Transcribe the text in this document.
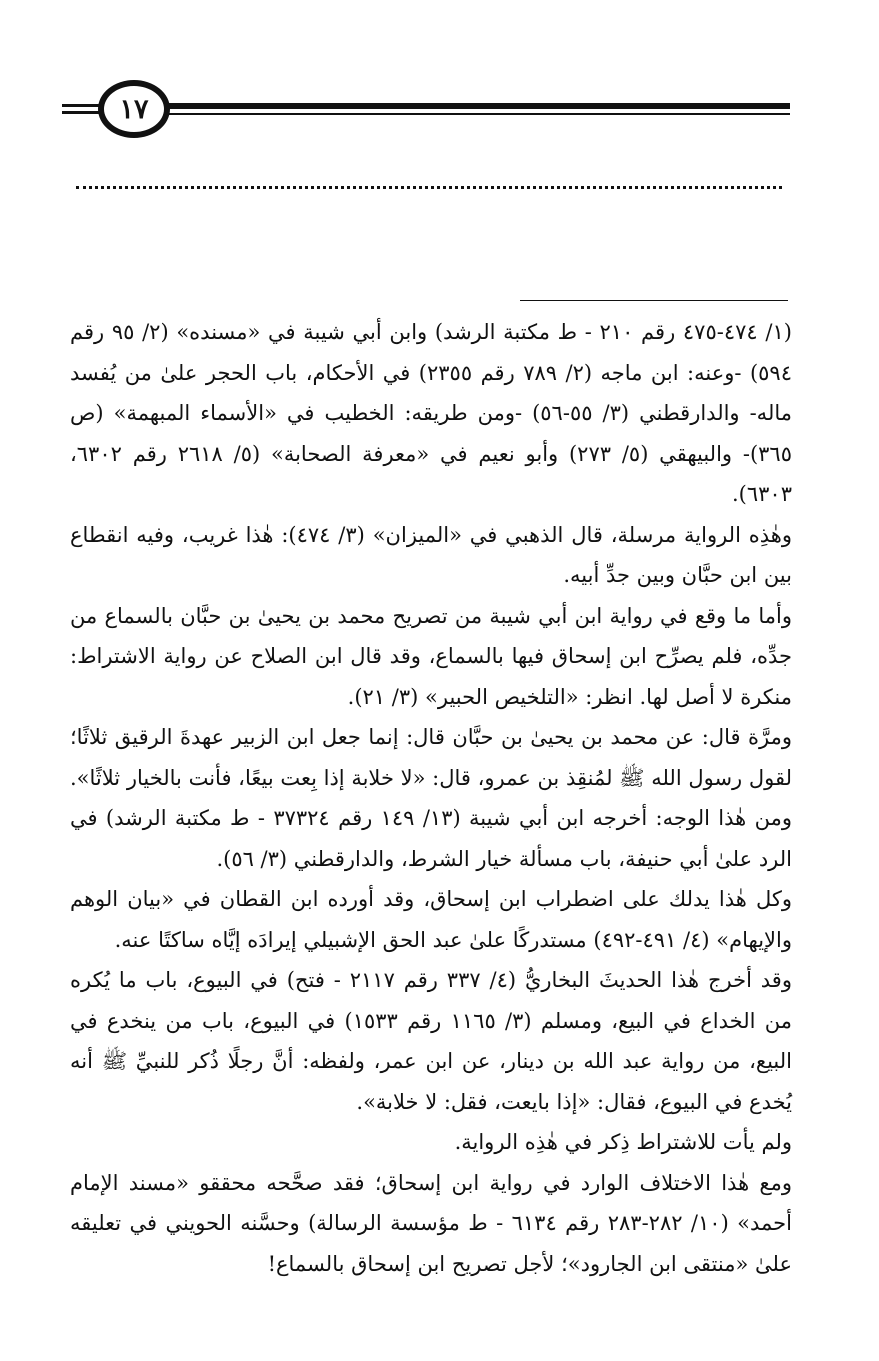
١٧

(١/ ٤٧٤-٤٧٥ رقم ٢١٠ - ط مكتبة الرشد) وابن أبي شيبة في «مسنده» (٢/ ٩٥ رقم ٥٩٤) -وعنه: ابن ماجه (٢/ ٧٨٩ رقم ٢٣٥٥) في الأحكام، باب الحجر علىٰ من يُفسد ماله- والدارقطني (٣/ ٥٥-٥٦) -ومن طريقه: الخطيب في «الأسماء المبهمة» (ص ٣٦٥)- والبيهقي (٥/ ٢٧٣) وأبو نعيم في «معرفة الصحابة» (٥/ ٢٦١٨ رقم ٦٣٠٢، ٦٣٠٣).

وهٰذِه الرواية مرسلة، قال الذهبي في «الميزان» (٣/ ٤٧٤): هٰذا غريب، وفيه انقطاع بين ابن حبَّان وبين جدِّ أبيه.

وأما ما وقع في رواية ابن أبي شيبة من تصريح محمد بن يحيىٰ بن حبَّان بالسماع من جدِّه، فلم يصرِّح ابن إسحاق فيها بالسماع، وقد قال ابن الصلاح عن رواية الاشتراط: منكرة لا أصل لها. انظر: «التلخيص الحبير» (٣/ ٢١).

ومرَّة قال: عن محمد بن يحيىٰ بن حبَّان قال: إنما جعل ابن الزبير عهدةَ الرقيق ثلاثًا؛ لقول رسول الله ﷺ لمُنقِذ بن عمرو، قال: «لا خلابة إذا بِعت بيعًا، فأنت بالخيار ثلاثًا». ومن هٰذا الوجه: أخرجه ابن أبي شيبة (١٣/ ١٤٩ رقم ٣٧٣٢٤ - ط مكتبة الرشد) في الرد علىٰ أبي حنيفة، باب مسألة خيار الشرط، والدارقطني (٣/ ٥٦).

وكل هٰذا يدلك على اضطراب ابن إسحاق، وقد أورده ابن القطان في «بيان الوهم والإيهام» (٤/ ٤٩١-٤٩٢) مستدركًا علىٰ عبد الحق الإشبيلي إيرادَه إيَّاه ساكتًا عنه.

وقد أخرج هٰذا الحديثَ البخاريُّ (٤/ ٣٣٧ رقم ٢١١٧ - فتح) في البيوع، باب ما يُكره من الخداع في البيع، ومسلم (٣/ ١١٦٥ رقم ١٥٣٣) في البيوع، باب من ينخدع في البيع، من رواية عبد الله بن دينار، عن ابن عمر، ولفظه: أنَّ رجلًا ذُكر للنبيِّ ﷺ أنه يُخدع في البيوع، فقال: «إذا بايعت، فقل: لا خلابة».

ولم يأت للاشتراط ذِكر في هٰذِه الرواية.

ومع هٰذا الاختلاف الوارد في رواية ابن إسحاق؛ فقد صحَّحه محققو «مسند الإمام أحمد» (١٠/ ٢٨٢-٢٨٣ رقم ٦١٣٤ - ط مؤسسة الرسالة) وحسَّنه الحويني في تعليقه علىٰ «منتقى ابن الجارود»؛ لأجل تصريح ابن إسحاق بالسماع!
